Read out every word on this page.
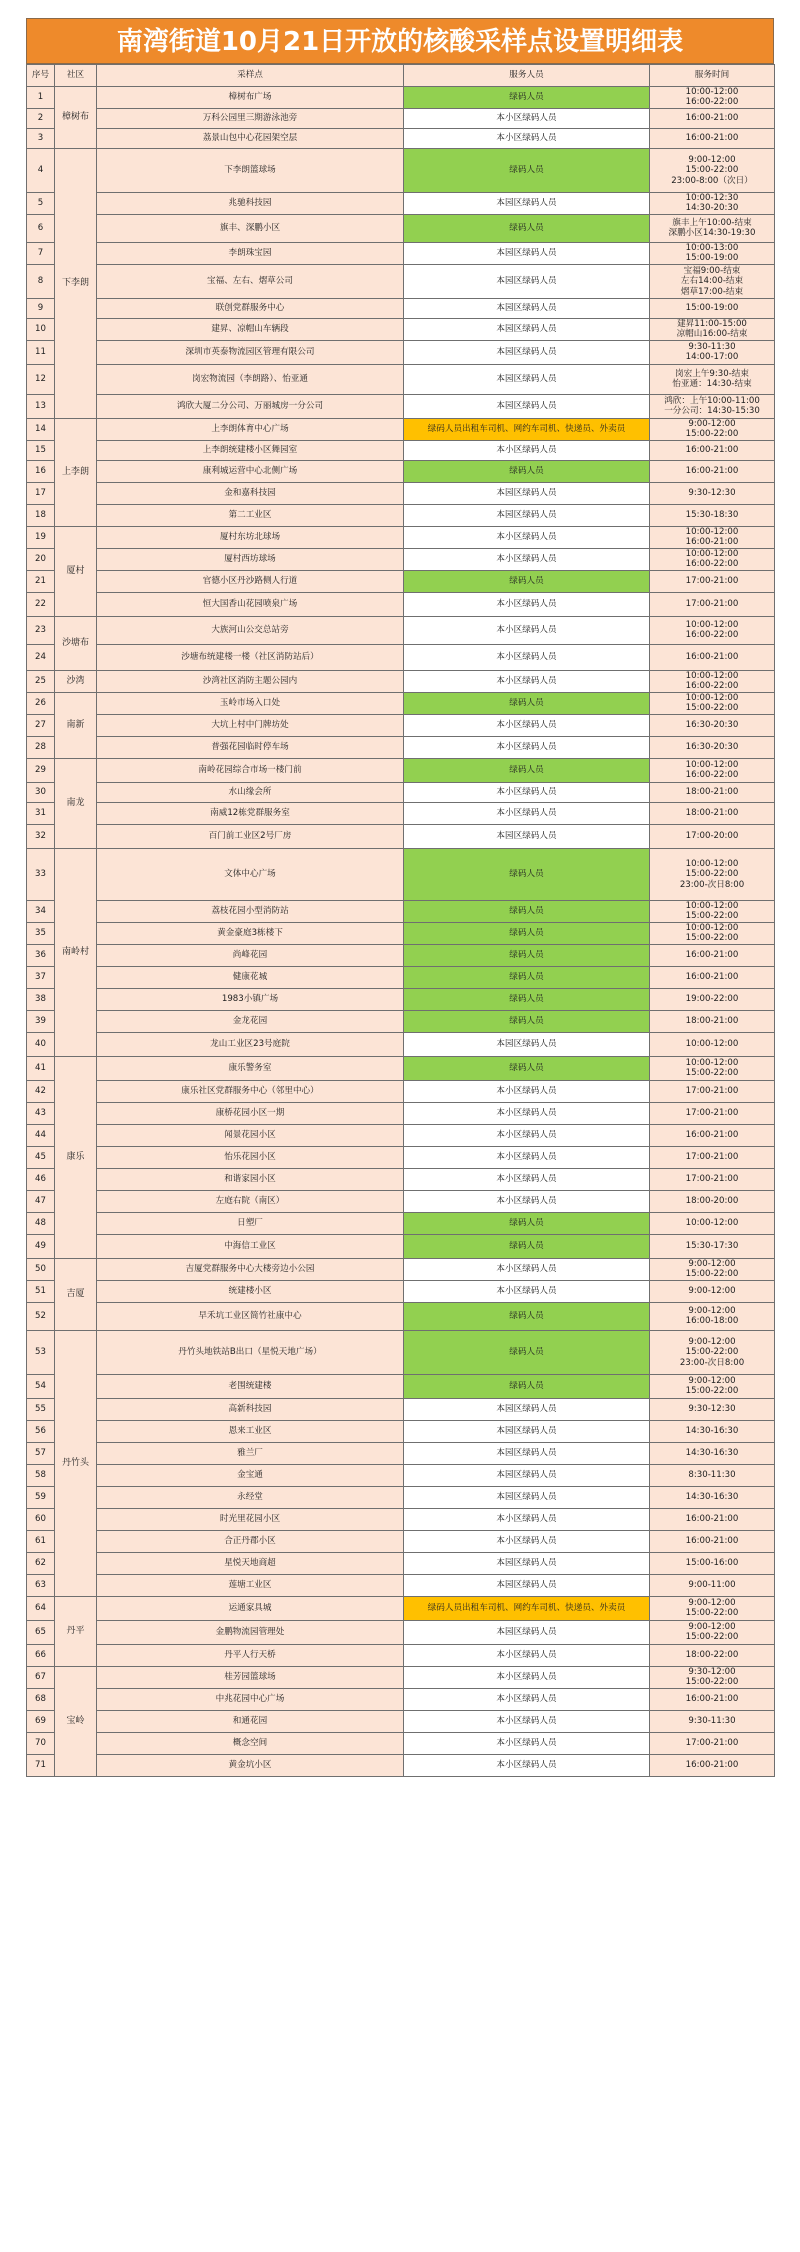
南湾街道10月21日开放的核酸采样点设置明细表
序号	社区	采样点	服务人员	服务时间
1	樟树布	樟树布广场	绿码人员	10:00-12:00
16:00-22:00

2		万科公园里三期游泳池旁	本小区绿码人员	16:00-21:00

3		荔景山包中心花园架空层	本小区绿码人员	16:00-21:00

4	下李朗	下李朗篮球场	绿码人员	9:00-12:00
15:00-22:00
23:00-8:00（次日）

5		兆驰科技园	本园区绿码人员	10:00-12:30
14:30-20:30

6		旗丰、深鹏小区	绿码人员	旗丰上午10:00-结束
深鹏小区14:30-19:30

7		李朗珠宝园	本园区绿码人员	10:00-13:00
15:00-19:00

8		宝福、左右、熠草公司	本园区绿码人员	宝福9:00-结束
左右14:00-结束
熠草17:00-结束

9		联创党群服务中心	本园区绿码人员	15:00-19:00

10		建昇、凉帽山车辆段	本园区绿码人员	建昇11:00-15:00
凉帽山16:00-结束

11		深圳市英泰物流园区管理有限公司	本园区绿码人员	9:30-11:30
14:00-17:00

12		岗宏物流园（李朗路）、怡亚通	本园区绿码人员	岗宏上午9:30-结束
怡亚通：14:30-结束

13		鸿欣大厦二分公司、万丽城房一分公司	本园区绿码人员	鸿欣：上午10:00-11:00
一分公司：14:30-15:30

14	上李朗	上李朗体育中心广场	绿码人员出租车司机、网约车司机、快递员、外卖员	9:00-12:00
15:00-22:00

15		上李朗统建楼小区舞园室	本小区绿码人员	16:00-21:00

16		康利城运营中心北侧广场	绿码人员	16:00-21:00

17		金和嘉科技园	本园区绿码人员	9:30-12:30

18		第二工业区	本园区绿码人员	15:30-18:30

19	厦村	厦村东坊北球场	本小区绿码人员	10:00-12:00
16:00-21:00

20		厦村西坊球场	本小区绿码人员	10:00-12:00
16:00-22:00

21		官德小区丹沙路侧人行道	绿码人员	17:00-21:00

22		恒大国香山花园喷泉广场	本小区绿码人员	17:00-21:00

23	沙塘布	大族河山公交总站旁	本小区绿码人员	10:00-12:00
16:00-22:00

24		沙塘布统建楼一楼（社区消防站后）	本小区绿码人员	16:00-21:00

25	沙湾	沙湾社区消防主题公园内	本小区绿码人员	10:00-12:00
16:00-22:00

26	南新	玉岭市场入口处	绿码人员	10:00-12:00
15:00-22:00

27		大坑上村中门牌坊处	本小区绿码人员	16:30-20:30

28		普强花园临时停车场	本小区绿码人员	16:30-20:30

29	南龙	南岭花园综合市场一楼门前	绿码人员	10:00-12:00
16:00-22:00

30		水山缘会所	本小区绿码人员	18:00-21:00

31		南威12栋党群服务室	本小区绿码人员	18:00-21:00

32		百门前工业区2号厂房	本园区绿码人员	17:00-20:00

33	南岭村	文体中心广场	绿码人员	10:00-12:00
15:00-22:00
23:00-次日8:00

34		荔枝花园小型消防站	绿码人员	10:00-12:00
15:00-22:00

35		黄金豪庭3栋楼下	绿码人员	10:00-12:00
15:00-22:00

36		尚峰花园	绿码人员	16:00-21:00

37		健康花城	绿码人员	16:00-21:00

38		1983小镇广场	绿码人员	19:00-22:00

39		金龙花园	绿码人员	18:00-21:00

40		龙山工业区23号庭院	本园区绿码人员	10:00-12:00

41	康乐	康乐警务室	绿码人员	10:00-12:00
15:00-22:00

42		康乐社区党群服务中心（邻里中心）	本小区绿码人员	17:00-21:00

43		康桥花园小区一期	本小区绿码人员	17:00-21:00

44		闻景花园小区	本小区绿码人员	16:00-21:00

45		怡乐花园小区	本小区绿码人员	17:00-21:00

46		和谐家园小区	本小区绿码人员	17:00-21:00

47		左庭右院（南区）	本小区绿码人员	18:00-20:00

48		日塑厂	绿码人员	10:00-12:00

49		中海信工业区	绿码人员	15:30-17:30

50	吉厦	吉厦党群服务中心大楼旁边小公园	本小区绿码人员	9:00-12:00
15:00-22:00

51		统建楼小区	本小区绿码人员	9:00-12:00

52		早禾坑工业区简竹社康中心	绿码人员	9:00-12:00
16:00-18:00

53	丹竹头	丹竹头地铁站B出口（星悦天地广场）	绿码人员	9:00-12:00
15:00-22:00
23:00-次日8:00

54		老围统建楼	绿码人员	9:00-12:00
15:00-22:00

55		高新科技园	本园区绿码人员	9:30-12:30

56		恩来工业区	本园区绿码人员	14:30-16:30

57		雅兰厂	本园区绿码人员	14:30-16:30

58		金宝通	本园区绿码人员	8:30-11:30

59		永经堂	本园区绿码人员	14:30-16:30

60		时光里花园小区	本小区绿码人员	16:00-21:00

61		合正丹郡小区	本小区绿码人员	16:00-21:00

62		星悦天地商超	本园区绿码人员	15:00-16:00

63		莲塘工业区	本园区绿码人员	9:00-11:00

64	丹平	运通家具城	绿码人员出租车司机、网约车司机、快递员、外卖员	9:00-12:00
15:00-22:00

65		金鹏物流园管理处	本园区绿码人员	9:00-12:00
15:00-22:00

66		丹平人行天桥	本小区绿码人员	18:00-22:00

67	宝岭	桂芳园篮球场	本小区绿码人员	9:30-12:00
15:00-22:00

68		中兆花园中心广场	本小区绿码人员	16:00-21:00

69		和通花园	本小区绿码人员	9:30-11:30

70		概念空间	本小区绿码人员	17:00-21:00

71		黄金坑小区	本小区绿码人员	16:00-21:00
